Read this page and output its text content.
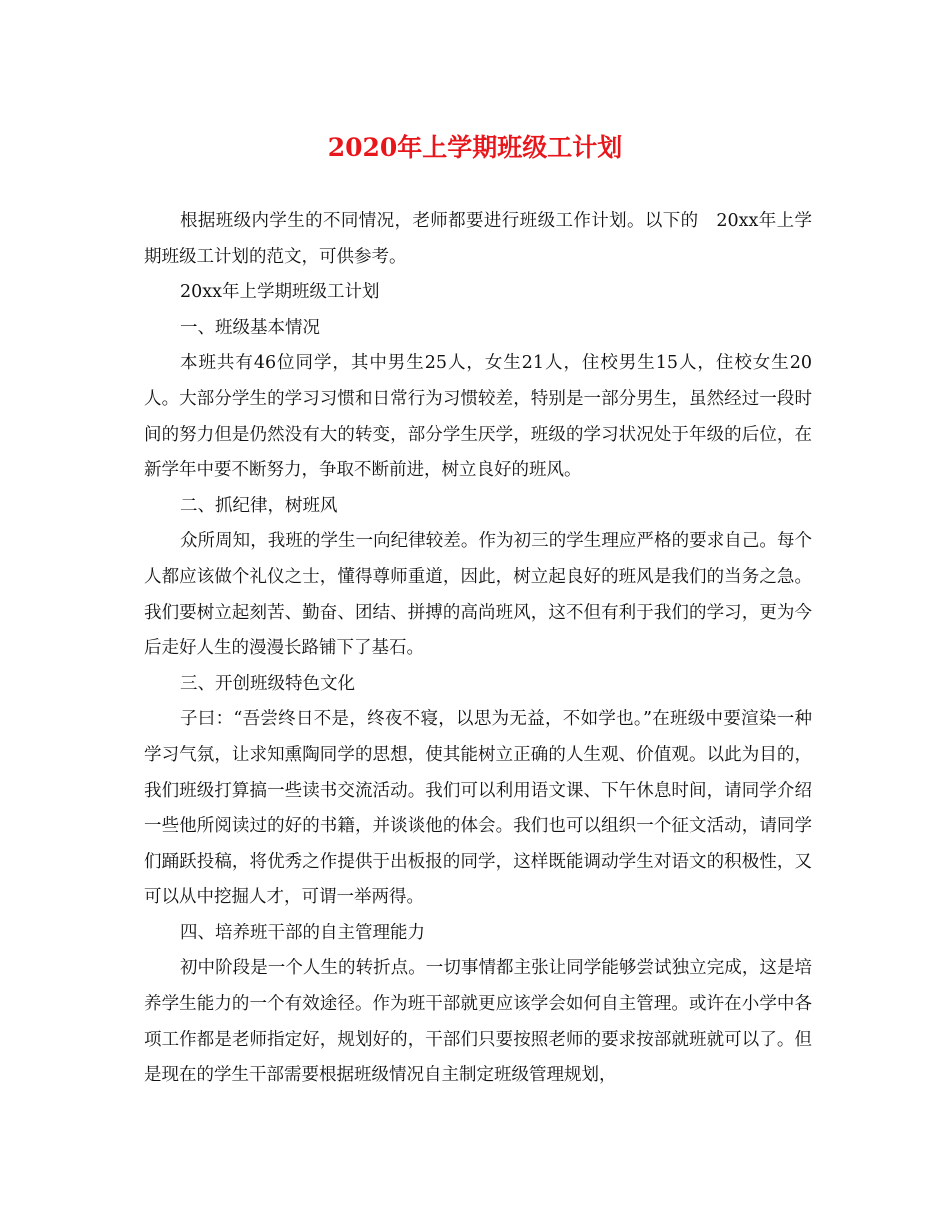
2020年上学期班级工计划

根据班级内学生的不同情况，老师都要进行班级工作计划。以下的　20xx年上学期班级工计划的范文，可供参考。

20xx年上学期班级工计划

一、班级基本情况

本班共有46位同学，其中男生25人，女生21人，住校男生15人，住校女生20人。大部分学生的学习习惯和日常行为习惯较差，特别是一部分男生，虽然经过一段时间的努力但是仍然没有大的转变，部分学生厌学，班级的学习状况处于年级的后位，在新学年中要不断努力，争取不断前进，树立良好的班风。

二、抓纪律，树班风

众所周知，我班的学生一向纪律较差。作为初三的学生理应严格的要求自己。每个人都应该做个礼仪之士，懂得尊师重道，因此，树立起良好的班风是我们的当务之急。我们要树立起刻苦、勤奋、团结、拼搏的高尚班风，这不但有利于我们的学习，更为今后走好人生的漫漫长路铺下了基石。

三、开创班级特色文化

子曰：“吾尝终日不是，终夜不寝，以思为无益，不如学也。”在班级中要渲染一种学习气氛，让求知熏陶同学的思想，使其能树立正确的人生观、价值观。以此为目的，我们班级打算搞一些读书交流活动。我们可以利用语文课、下午休息时间，请同学介绍一些他所阅读过的好的书籍，并谈谈他的体会。我们也可以组织一个征文活动，请同学们踊跃投稿，将优秀之作提供于出板报的同学，这样既能调动学生对语文的积极性，又可以从中挖掘人才，可谓一举两得。

四、培养班干部的自主管理能力

初中阶段是一个人生的转折点。一切事情都主张让同学能够尝试独立完成，这是培养学生能力的一个有效途径。作为班干部就更应该学会如何自主管理。或许在小学中各项工作都是老师指定好，规划好的，干部们只要按照老师的要求按部就班就可以了。但是现在的学生干部需要根据班级情况自主制定班级管理规划，
